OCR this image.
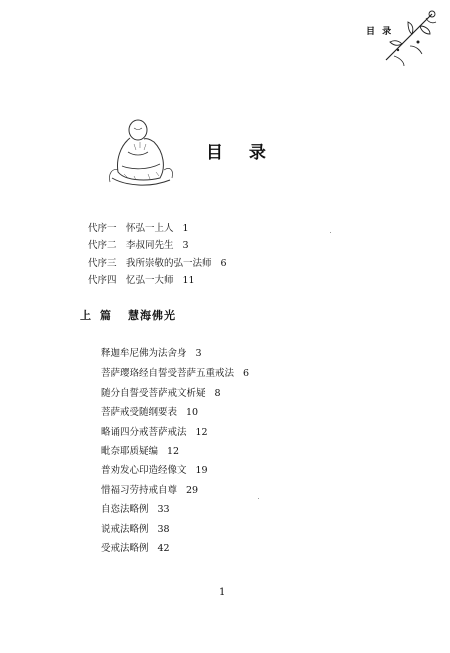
目 录
目 录
代序一　怀弘一上人 1
代序二　李叔同先生 3
代序三　我所崇敬的弘一法师 6
代序四　忆弘一大师 11
上篇 慧海佛光
释迦牟尼佛为法舍身 3
菩萨璎珞经自誓受菩萨五重戒法 6
随分自誓受菩萨戒文析疑 8
菩萨戒受随纲要表 10
略诵四分戒菩萨戒法 12
毗奈耶质疑编 12
普劝发心印造经像文 19
惜福习劳持戒自尊 29
自恣法略例 33
说戒法略例 38
受戒法略例 42
1
